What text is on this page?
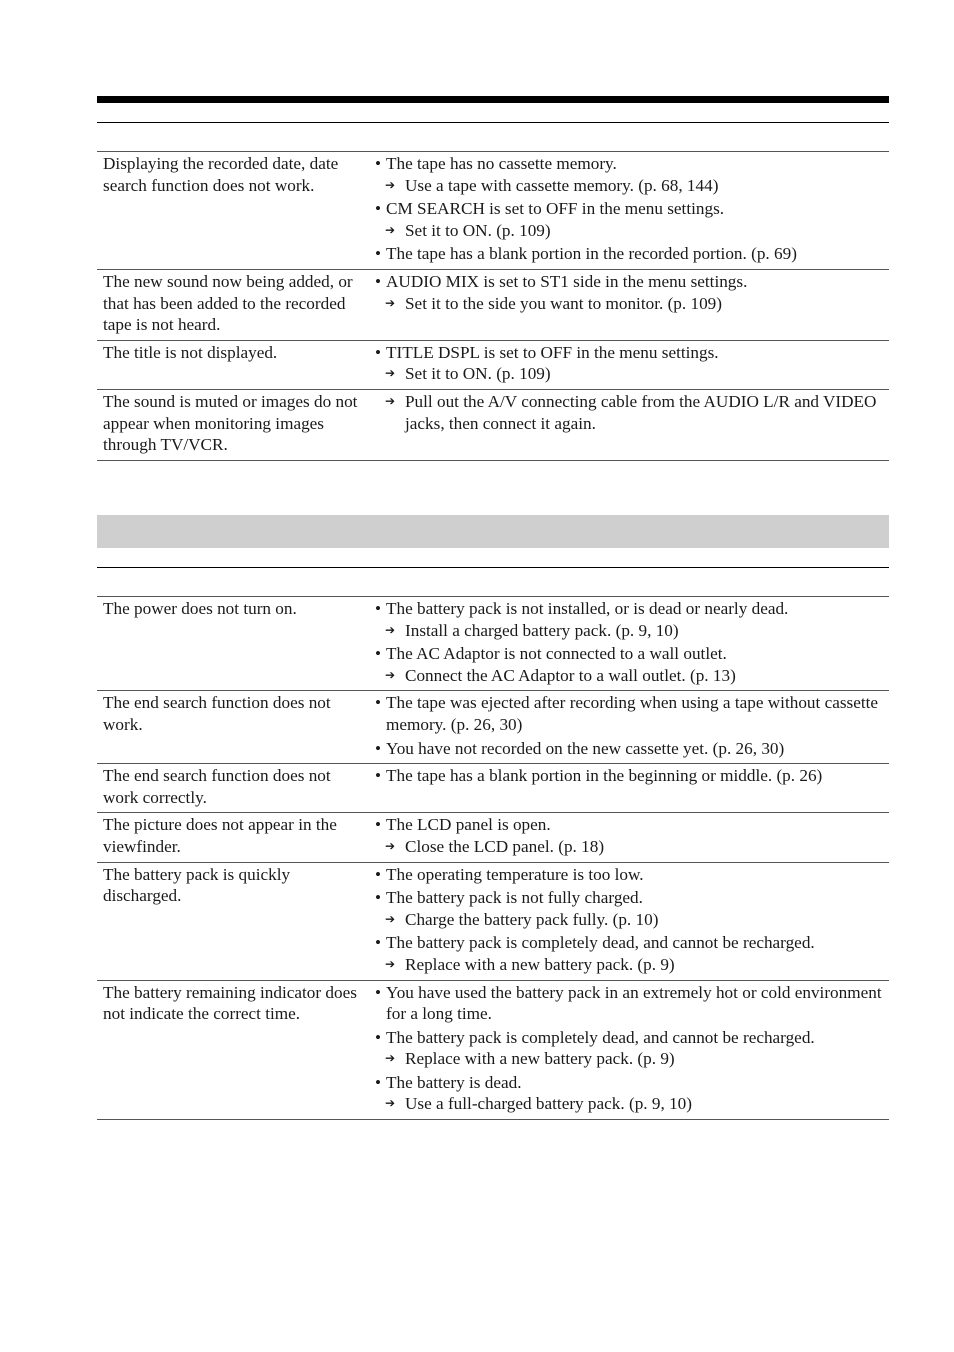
Displaying the recorded date, date search function does not work.	• The tape has no cassette memory.
➔ Use a tape with cassette memory. (p. 68, 144)
• CM SEARCH is set to OFF in the menu settings.
➔ Set it to ON. (p. 109)
• The tape has a blank portion in the recorded portion. (p. 69)

The new sound now being added, or that has been added to the recorded tape is not heard.	• AUDIO MIX is set to ST1 side in the menu settings.
➔ Set it to the side you want to monitor. (p. 109)

The title is not displayed.	• TITLE DSPL is set to OFF in the menu settings.
➔ Set it to ON. (p. 109)

The sound is muted or images do not appear when monitoring images through TV/VCR.	➔ Pull out the A/V connecting cable from the AUDIO L/R and VIDEO jacks, then connect it again.
The power does not turn on.	• The battery pack is not installed, or is dead or nearly dead.
➔ Install a charged battery pack. (p. 9, 10)
• The AC Adaptor is not connected to a wall outlet.
➔ Connect the AC Adaptor to a wall outlet. (p. 13)

The end search function does not work.	• The tape was ejected after recording when using a tape without cassette memory. (p. 26, 30)
• You have not recorded on the new cassette yet. (p. 26, 30)

The end search function does not work correctly.	• The tape has a blank portion in the beginning or middle. (p. 26)

The picture does not appear in the viewfinder.	• The LCD panel is open.
➔ Close the LCD panel. (p. 18)

The battery pack is quickly discharged.	• The operating temperature is too low.
• The battery pack is not fully charged.
➔ Charge the battery pack fully. (p. 10)
• The battery pack is completely dead, and cannot be recharged.
➔ Replace with a new battery pack. (p. 9)

The battery remaining indicator does not indicate the correct time.	• You have used the battery pack in an extremely hot or cold environment for a long time.
• The battery pack is completely dead, and cannot be recharged.
➔ Replace with a new battery pack. (p. 9)
• The battery is dead.
➔ Use a full-charged battery pack. (p. 9, 10)
